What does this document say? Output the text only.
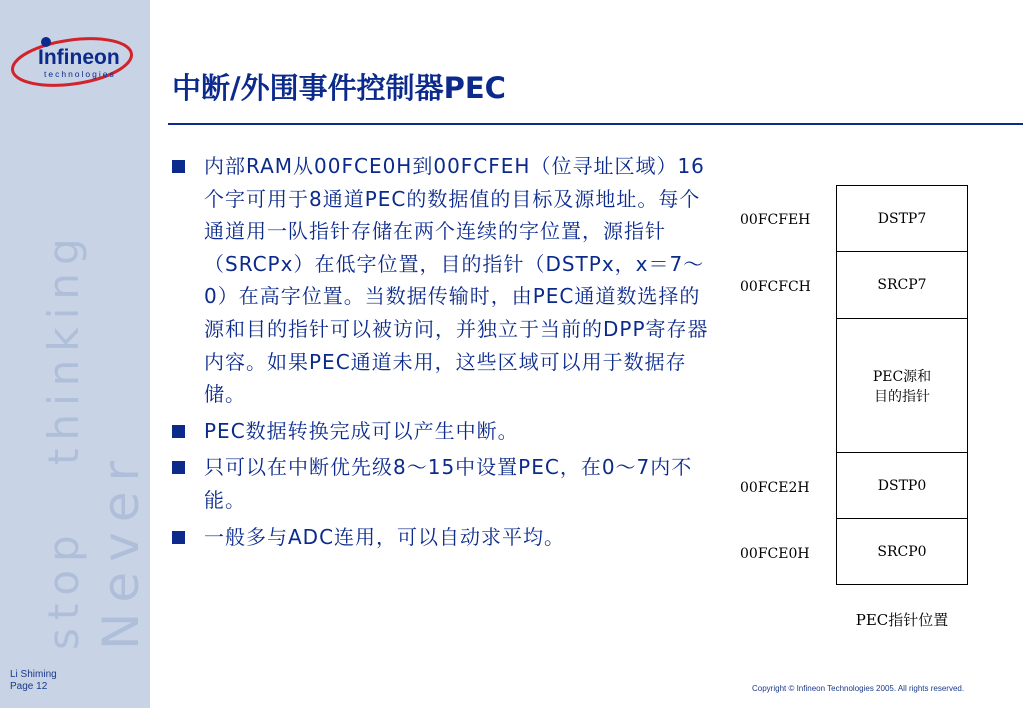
Infineon
technologies
Never
stop
thinking
Li Shiming
Page 12
中断/外围事件控制器PEC
内部RAM从00FCE0H到00FCFEH（位寻址区域）16个字可用于8通道PEC的数据值的目标及源地址。每个通道用一队指针存储在两个连续的字位置，源指针（SRCPx）在低字位置，目的指针（DSTPx，x＝7～0）在高字位置。当数据传输时，由PEC通道数选择的源和目的指针可以被访问，并独立于当前的DPP寄存器内容。如果PEC通道未用，这些区域可以用于数据存储。
PEC数据转换完成可以产生中断。
只可以在中断优先级8～15中设置PEC，在0～7内不能。
一般多与ADC连用，可以自动求平均。
00FCFEH	DSTP7
00FCFCH	SRCP7
PEC源和
目的指针
00FCE2H	DSTP0
00FCE0H	SRCP0
PEC指针位置
Copyright © Infineon Technologies 2005. All rights reserved.
